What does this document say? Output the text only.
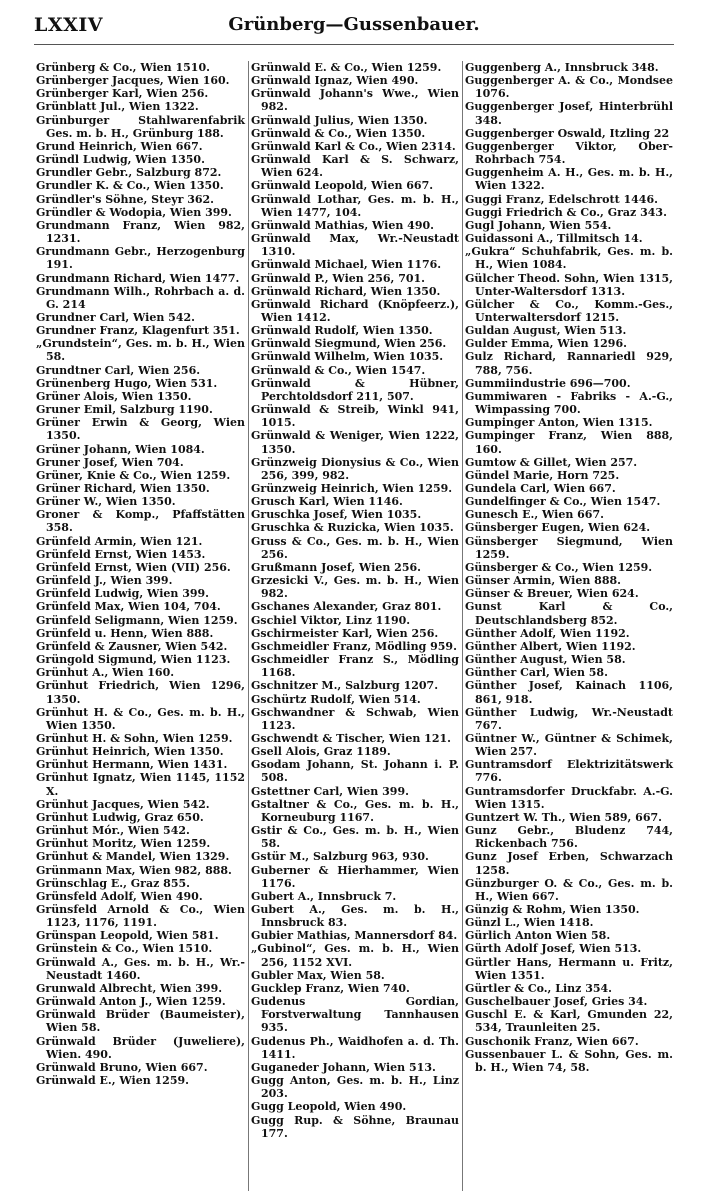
LXXIV	Grünberg—Gussenbauer.
Grünberg & Co., Wien 1510.
Grünberger Jacques, Wien 160.
Grünberger Karl, Wien 256.
Grünblatt Jul., Wien 1322.
Grünburger Stahlwarenfabrik Ges. m. b. H., Grünburg 188.
Grund Heinrich, Wien 667.
Gründl Ludwig, Wien 1350.
Grundler Gebr., Salzburg 872.
Grundler K. & Co., Wien 1350.
Gründler's Söhne, Steyr 362.
Gründler & Wodopia, Wien 399.
Grundmann Franz, Wien 982, 1231.
Grundmann Gebr., Herzogenburg 191.
Grundmann Richard, Wien 1477.
Grundmann Wilh., Rohrbach a. d. G. 214
Grundner Carl, Wien 542.
Grundner Franz, Klagenfurt 351.
„Grundstein“, Ges. m. b. H., Wien 58.
Grundtner Carl, Wien 256.
Grünenberg Hugo, Wien 531.
Grüner Alois, Wien 1350.
Gruner Emil, Salzburg 1190.
Grüner Erwin & Georg, Wien 1350.
Grüner Johann, Wien 1084.
Gruner Josef, Wien 704.
Grüner, Knie & Co., Wien 1259.
Grüner Richard, Wien 1350.
Grüner W., Wien 1350.
Groner & Komp., Pfaffstätten 358.
Grünfeld Armin, Wien 121.
Grünfeld Ernst, Wien 1453.
Grünfeld Ernst, Wien (VII) 256.
Grünfeld J., Wien 399.
Grünfeld Ludwig, Wien 399.
Grünfeld Max, Wien 104, 704.
Grünfeld Seligmann, Wien 1259.
Grünfeld u. Henn, Wien 888.
Grünfeld & Zausner, Wien 542.
Grüngold Sigmund, Wien 1123.
Grünhut A., Wien 160.
Grünhut Friedrich, Wien 1296, 1350.
Grünhut H. & Co., Ges. m. b. H., Wien 1350.
Grünhut H. & Sohn, Wien 1259.
Grünhut Heinrich, Wien 1350.
Grünhut Hermann, Wien 1431.
Grünhut Ignatz, Wien 1145, 1152 X.
Grünhut Jacques, Wien 542.
Grünhut Ludwig, Graz 650.
Grünhut Mór., Wien 542.
Grünhut Moritz, Wien 1259.
Grünhut & Mandel, Wien 1329.
Grünmann Max, Wien 982, 888.
Grünschlag E., Graz 855.
Grünsfeld Adolf, Wien 490.
Grünsfeld Arnold & Co., Wien 1123, 1176, 1191.
Grünspan Leopold, Wien 581.
Grünstein & Co., Wien 1510.
Grünwald A., Ges. m. b. H., Wr.-Neustadt 1460.
Grunwald Albrecht, Wien 399.
Grünwald Anton J., Wien 1259.
Grünwald Brüder (Baumeister), Wien 58.
Grünwald Brüder (Juweliere), Wien. 490.
Grünwald Bruno, Wien 667.
Grünwald E., Wien 1259.
Grünwald E. & Co., Wien 1259.
Grünwald Ignaz, Wien 490.
Grünwald Johann's Wwe., Wien 982.
Grünwald Julius, Wien 1350.
Grünwald & Co., Wien 1350.
Grünwald Karl & Co., Wien 2314.
Grünwald Karl & S. Schwarz, Wien 624.
Grünwald Leopold, Wien 667.
Grünwald Lothar, Ges. m. b. H., Wien 1477, 104.
Grünwald Mathias, Wien 490.
Grünwald Max, Wr.-Neustadt 1310.
Grünwald Michael, Wien 1176.
Grünwald P., Wien 256, 701.
Grünwald Richard, Wien 1350.
Grünwald Richard (Knöpfeerz.), Wien 1412.
Grünwald Rudolf, Wien 1350.
Grünwald Siegmund, Wien 256.
Grünwald Wilhelm, Wien 1035.
Grünwald & Co., Wien 1547.
Grünwald & Hübner, Perchtoldsdorf 211, 507.
Grünwald & Streib, Winkl 941, 1015.
Grünwald & Weniger, Wien 1222, 1350.
Grünzweig Dionysius & Co., Wien 256, 399, 982.
Grünzweig Heinrich, Wien 1259.
Grusch Karl, Wien 1146.
Gruschka Josef, Wien 1035.
Gruschka & Ruzicka, Wien 1035.
Gruss & Co., Ges. m. b. H., Wien 256.
Grußmann Josef, Wien 256.
Grzesicki V., Ges. m. b. H., Wien 982.
Gschanes Alexander, Graz 801.
Gschiel Viktor, Linz 1190.
Gschirmeister Karl, Wien 256.
Gschmeidler Franz, Mödling 959.
Gschmeidler Franz S., Mödling 1168.
Gschnitzer M., Salzburg 1207.
Gschürtz Rudolf, Wien 514.
Gschwandner & Schwab, Wien 1123.
Gschwendt & Tischer, Wien 121.
Gsell Alois, Graz 1189.
Gsodam Johann, St. Johann i. P. 508.
Gstettner Carl, Wien 399.
Gstaltner & Co., Ges. m. b. H., Korneuburg 1167.
Gstir & Co., Ges. m. b. H., Wien 58.
Gstür M., Salzburg 963, 930.
Guberner & Hierhammer, Wien 1176.
Gubert A., Innsbruck 7.
Gubert A., Ges. m. b. H., Innsbruck 83.
Gubier Mathias, Mannersdorf 84.
„Gubinol“, Ges. m. b. H., Wien 256, 1152 XVI.
Gubler Max, Wien 58.
Gucklер Franz, Wien 740.
Gudenus Gordian, Forstverwaltung Tannhausen 935.
Gudenus Ph., Waidhofen a. d. Th. 1411.
Guganeder Johann, Wien 513.
Gugg Anton, Ges. m. b. H., Linz 203.
Gugg Leopold, Wien 490.
Gugg Rup. & Söhne, Braunau 177.
Guggenberg A., Innsbruck 348.
Guggenberger A. & Co., Mondsee 1076.
Guggenberger Josef, Hinterbrühl 348.
Guggenberger Oswald, Itzling 22
Guggenberger Viktor, Ober-Rohrbach 754.
Guggenheim A. H., Ges. m. b. H., Wien 1322.
Guggi Franz, Edelschrott 1446.
Guggi Friedrich & Co., Graz 343.
Gugl Johann, Wien 554.
Guidassoni A., Tillmitsch 14.
„Gukra“ Schuhfabrik, Ges. m. b. H., Wien 1084.
Gülcher Theod. Sohn, Wien 1315, Unter-Waltersdorf 1313.
Gülcher & Co., Komm.-Ges., Unterwaltersdorf 1215.
Guldan August, Wien 513.
Gulder Emma, Wien 1296.
Gulz Richard, Rannariedl 929, 788, 756.
Gummiindustrie 696—700.
Gummiwaren - Fabriks - A.-G., Wimpassing 700.
Gumpinger Anton, Wien 1315.
Gumpinger Franz, Wien 888, 160.
Gumtow & Gillet, Wien 257.
Gündel Marie, Horn 725.
Gundela Carl, Wien 667.
Gundelfinger & Co., Wien 1547.
Gunesch E., Wien 667.
Günsberger Eugen, Wien 624.
Günsberger Siegmund, Wien 1259.
Günsberger & Co., Wien 1259.
Günser Armin, Wien 888.
Günser & Breuer, Wien 624.
Gunst Karl & Co., Deutschlandsberg 852.
Günther Adolf, Wien 1192.
Günther Albert, Wien 1192.
Günther August, Wien 58.
Günther Carl, Wien 58.
Günther Josef, Kainach 1106, 861, 918.
Günther Ludwig, Wr.-Neustadt 767.
Güntner W., Güntner & Schimek, Wien 257.
Guntramsdorf Elektrizitätswerk 776.
Guntramsdorfer Druckfabr. A.-G. Wien 1315.
Guntzert W. Th., Wien 589, 667.
Gunz Gebr., Bludenz 744, Rickenbach 756.
Gunz Josef Erben, Schwarzach 1258.
Günzburger O. & Co., Ges. m. b. H., Wien 667.
Günzig & Rohm, Wien 1350.
Günzl L., Wien 1418.
Gürlich Anton Wien 58.
Gürth Adolf Josef, Wien 513.
Gürtler Hans, Hermann u. Fritz, Wien 1351.
Gürtler & Co., Linz 354.
Guschelbauer Josef, Gries 34.
Guschl E. & Karl, Gmunden 22, 534, Traunleiten 25.
Guschonik Franz, Wien 667.
Gussenbauer L. & Sohn, Ges. m. b. H., Wien 74, 58.
